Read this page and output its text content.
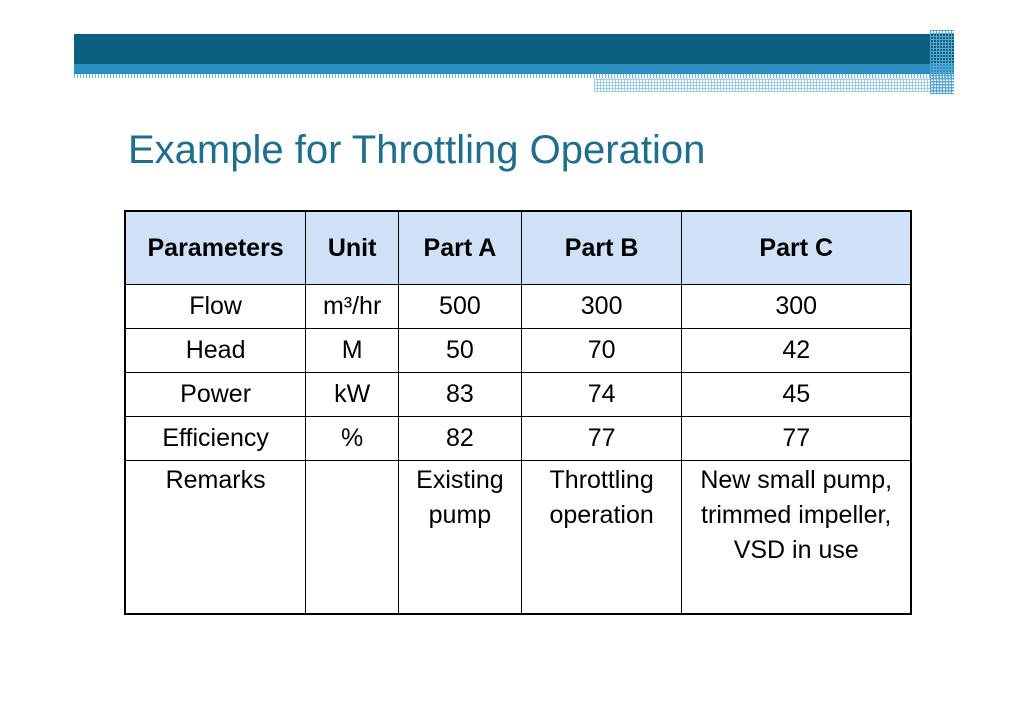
Example for Throttling Operation
Parameters	Unit	Part A	Part B	Part C
Flow	m³/hr	500	300	300
Head	M	50	70	42
Power	kW	83	74	45
Efficiency	%	82	77	77
Remarks		Existing pump	Throttling operation	New small pump, trimmed impeller, VSD in use
